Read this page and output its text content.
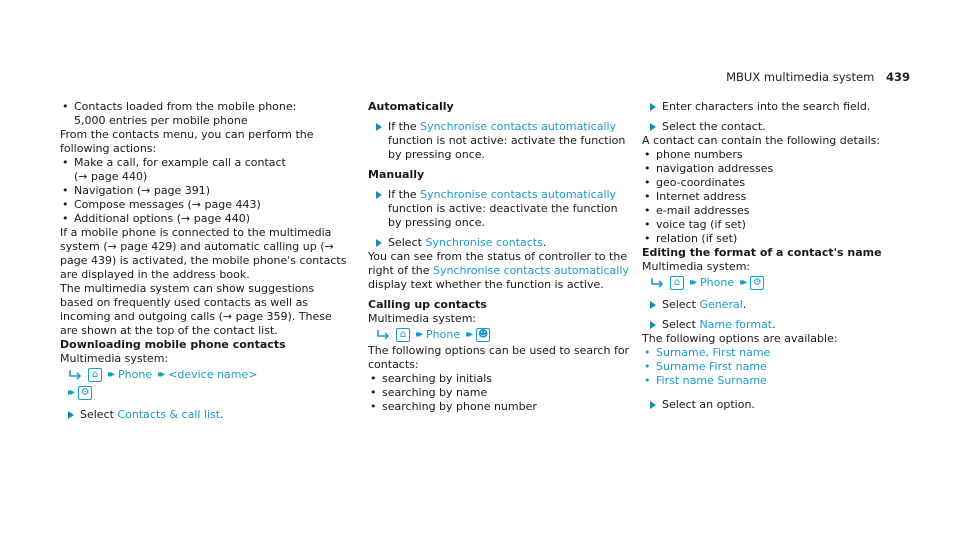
MBUX multimedia system 439

• Contacts loaded from the mobile phone:
5,000 entries per mobile phone

From the contacts menu, you can perform the following actions:

• Make a call, for example call a contact
(→ page 440)

• Navigation (→ page 391)

• Compose messages (→ page 443)

• Additional options (→ page 440)

If a mobile phone is connected to the multimedia system (→ page 429) and automatic calling up (→ page 439) is activated, the mobile phone's contacts are displayed in the address book.

The multimedia system can show suggestions based on frequently used contacts as well as incoming and outgoing calls (→ page 359). These are shown at the top of the contact list.

Downloading mobile phone contacts

Multimedia system:

⌂ ▸▸ Phone ▸▸ <device name>
▸▸ ⚙

Select Contacts & call list.

Automatically

If the Synchronise contacts automatically function is not active: activate the function by pressing once.

Manually

If the Synchronise contacts automatically function is active: deactivate the function by pressing once.

Select Synchronise contacts.

You can see from the status of controller to the right of the Synchronise contacts automatically display text whether the function is active.

Calling up contacts

Multimedia system:

⌂ ▸▸ Phone ▸▸ ☻

The following options can be used to search for contacts:

• searching by initials

• searching by name

• searching by phone number

Enter characters into the search field.

Select the contact.

A contact can contain the following details:

• phone numbers

• navigation addresses

• geo-coordinates

• Internet address

• e-mail addresses

• voice tag (if set)

• relation (if set)

Editing the format of a contact's name

Multimedia system:

⌂ ▸▸ Phone ▸▸ ⚙

Select General.

Select Name format.

The following options are available:

• Surname, First name

• Surname First name

• First name Surname

Select an option.
